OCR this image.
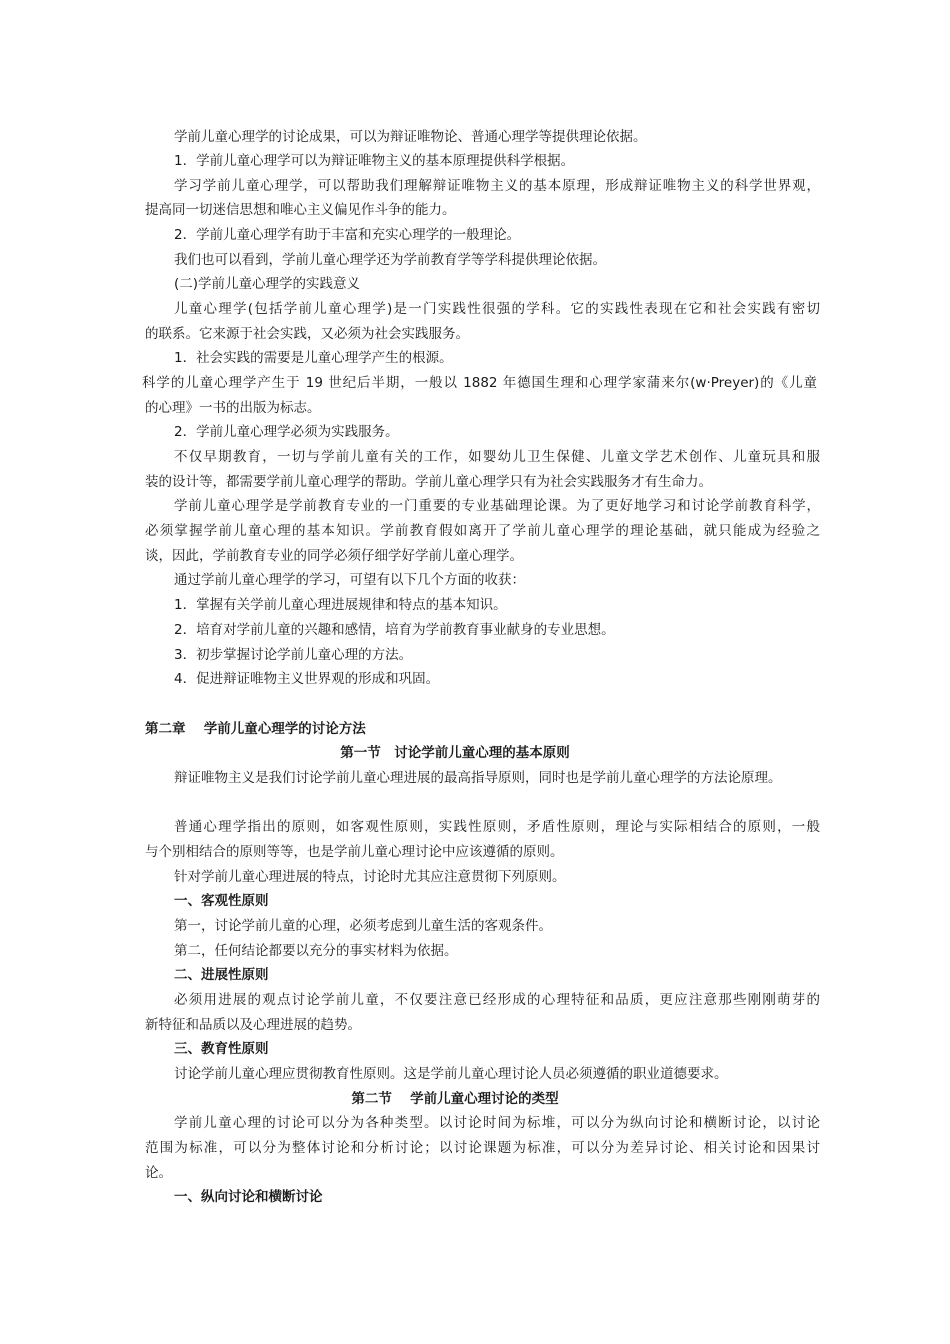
学前儿童心理学的讨论成果，可以为辩证唯物论、普通心理学等提供理论依据。
1．学前儿童心理学可以为辩证唯物主义的基本原理提供科学根据。
学习学前儿童心理学，可以帮助我们理解辩证唯物主义的基本原理，形成辩证唯物主义的科学世界观，
提高同一切迷信思想和唯心主义偏见作斗争的能力。
2．学前儿童心理学有助于丰富和充实心理学的一般理论。
我们也可以看到，学前儿童心理学还为学前教育学等学科提供理论依据。
(二)学前儿童心理学的实践意义
儿童心理学(包括学前儿童心理学)是一门实践性很强的学科。它的实践性表现在它和社会实践有密切
的联系。它来源于社会实践，又必须为社会实践服务。
1．社会实践的需要是儿童心理学产生的根源。
科学的儿童心理学产生于 19 世纪后半期，一般以 1882 年德国生理和心理学家蒲来尔(w·Preyer)的《儿童
的心理》一书的出版为标志。
2．学前儿童心理学必须为实践服务。
不仅早期教育，一切与学前儿童有关的工作，如婴幼儿卫生保健、儿童文学艺术创作、儿童玩具和服
装的设计等，都需要学前儿童心理学的帮助。学前儿童心理学只有为社会实践服务才有生命力。
学前儿童心理学是学前教育专业的一门重要的专业基础理论课。为了更好地学习和讨论学前教育科学，
必须掌握学前儿童心理的基本知识。学前教育假如离开了学前儿童心理学的理论基础，就只能成为经验之
谈，因此，学前教育专业的同学必须仔细学好学前儿童心理学。
通过学前儿童心理学的学习，可望有以下几个方面的收获：
1．掌握有关学前儿童心理进展规律和特点的基本知识。
2．培育对学前儿童的兴趣和感情，培育为学前教育事业献身的专业思想。
3．初步掌握讨论学前儿童心理的方法。
4．促进辩证唯物主义世界观的形成和巩固。
第二章　 学前儿童心理学的讨论方法
第一节　讨论学前儿童心理的基本原则
辩证唯物主义是我们讨论学前儿童心理进展的最高指导原则，同时也是学前儿童心理学的方法论原理。
普通心理学指出的原则，如客观性原则，实践性原则，矛盾性原则，理论与实际相结合的原则，一般
与个别相结合的原则等等，也是学前儿童心理讨论中应该遵循的原则。
针对学前儿童心理进展的特点，讨论时尤其应注意贯彻下列原则。
一、客观性原则
第一，讨论学前儿童的心理，必须考虑到儿童生活的客观条件。
第二，任何结论都要以充分的事实材料为依据。
二、进展性原则
必须用进展的观点讨论学前儿童，不仅要注意已经形成的心理特征和品质，更应注意那些刚刚萌芽的
新特征和品质以及心理进展的趋势。
三、教育性原则
讨论学前儿童心理应贯彻教育性原则。这是学前儿童心理讨论人员必须遵循的职业道德要求。
第二节　 学前儿童心理讨论的类型
学前儿童心理的讨论可以分为各种类型。以讨论时间为标堆，可以分为纵向讨论和横断讨论，以讨论
范围为标准，可以分为整体讨论和分析讨论；以讨论课题为标准，可以分为差异讨论、相关讨论和因果讨
论。
一、纵向讨论和横断讨论
